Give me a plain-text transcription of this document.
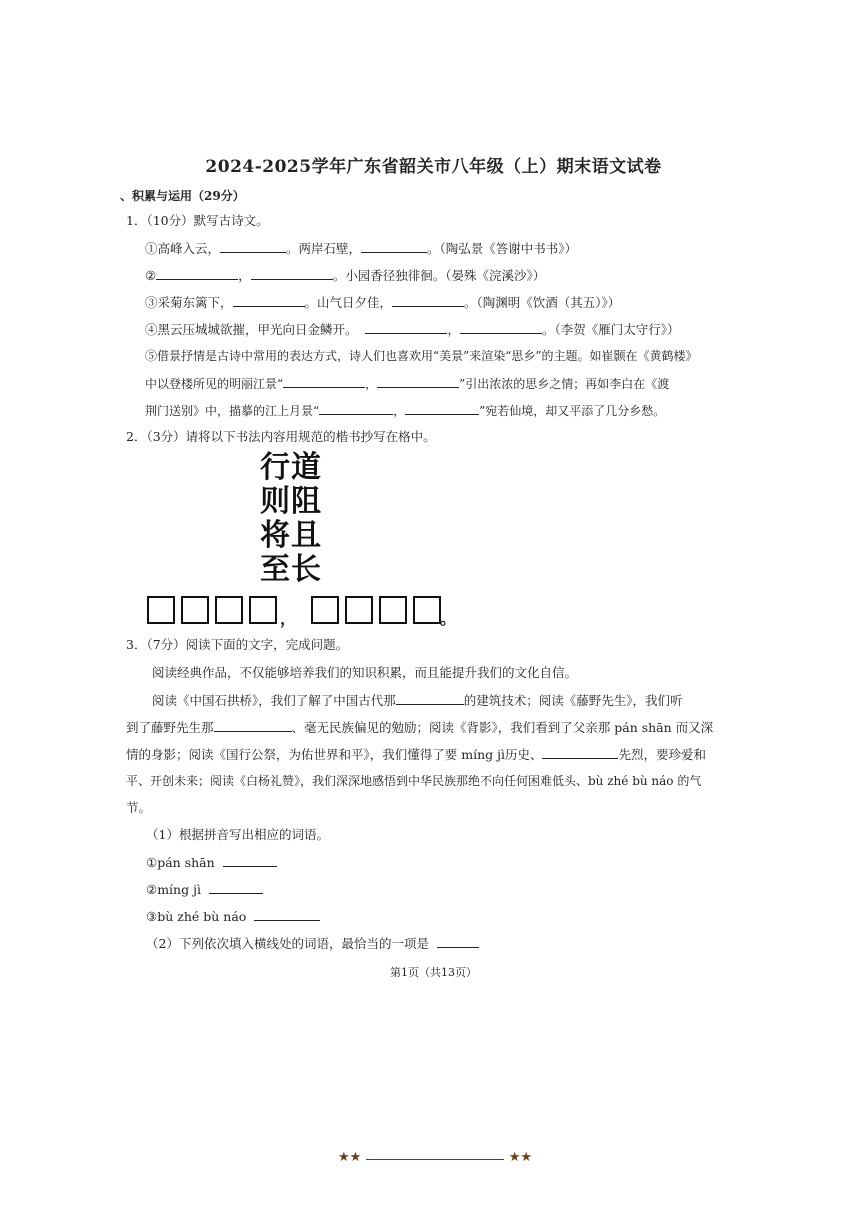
2024-2025学年广东省韶关市八年级（上）期末语文试卷
、积累与运用（29分）
1．（10分）默写古诗文。
①高峰入云，	。两岸石壁，	。（陶弘景《答谢中书书》）
②	，	。小园香径独徘徊。（晏殊《浣溪沙》）
③采菊东篱下，	。山气日夕佳，	。（陶渊明《饮酒（其五）》）
④黑云压城城欲摧，甲光向日金鳞开。	，	。（李贺《雁门太守行》）
⑤借景抒情是古诗中常用的表达方式，诗人们也喜欢用“美景”来渲染“思乡”的主题。如崔颢在《黄鹤楼》
中以登楼所见的明丽江景“	，	”引出浓浓的思乡之情；再如李白在《渡
荆门送别》中，描摹的江上月景“	，	”宛若仙境，却又平添了几分乡愁。
2．（3分）请将以下书法内容用规范的楷书抄写在格中。
行
则
将
至
道
阻
且
长
，	。
3．（7分）阅读下面的文字，完成问题。
阅读经典作品，不仅能够培养我们的知识积累，而且能提升我们的文化自信。
阅读《中国石拱桥》，我们了解了中国古代那	的建筑技术；阅读《藤野先生》，我们听
到了藤野先生那	、毫无民族偏见的勉励；阅读《背影》，我们看到了父亲那 pán shān 而又深
情的身影；阅读《国行公祭，为佑世界和平》，我们懂得了要 míng jì历史、	先烈，要珍爱和
平、开创未来；阅读《白杨礼赞》，我们深深地感悟到中华民族那绝不向任何困难低头、bù zhé bù náo 的气
节。
（1）根据拼音写出相应的词语。
①pán shān
②míng jì
③bù zhé bù náo
（2）下列依次填入横线处的词语，最恰当的一项是
第1页（共13页）
★★	★★
